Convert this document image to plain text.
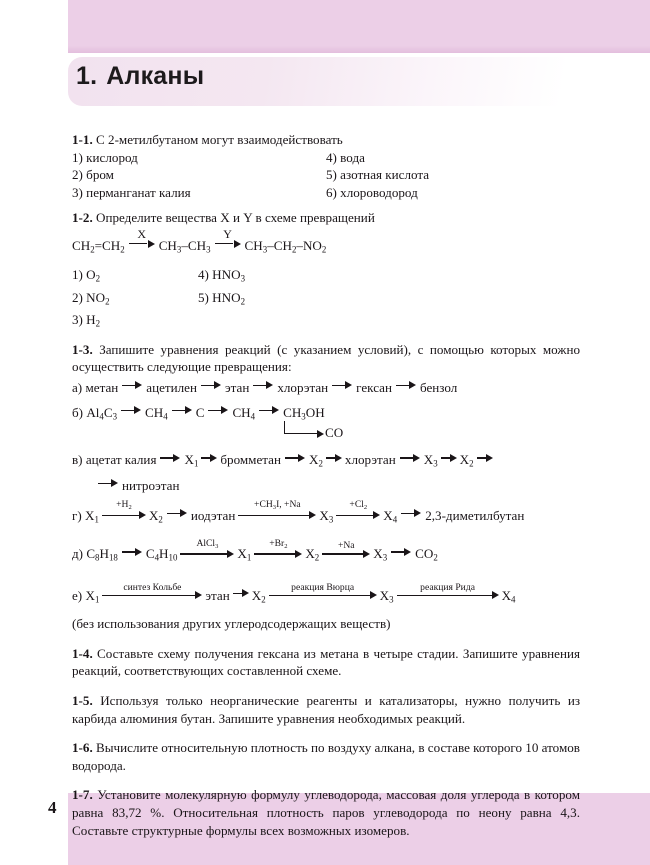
1. Алканы
4

1-1. С 2-метилбутаном могут взаимодействовать

1) кислород
2) бром
3) перманганат калия
4) вода
5) азотная кислота
6) хлороводород

1-2. Определите вещества X и Y в схеме превращений

$CH_2=CH_2$
X
$CH_3-CH_3$
Y
$CH_3-CH_2-NO_2$
1) $O_2$
2) $NO_2$
3) $H_2$
4) $HNO_3$
5) $HNO_2$

1-3. Запишите уравнения реакций (с указанием условий), с помощью которых можно осуществить следующие превращения:

а) метан ацетилен этан хлорэтан гексан бензол
б) $Al_4C_3$ $CH_4$ C $CH_4$ $CH_3OH$
CO
в) ацетат калия $X_1$ бромметан $X_2$ хлорэтан $X_3$ $X_2$
нитроэтан
г) $X_1$
$+H_2$
$X_2$ иодэтан
$+CH_3I$, +Na
$X_3$
$+Cl_2$
$X_4$ 2,3-диметилбутан
д) $C_8H_{18}$ $C_4H_{10}$
AlCl$_3$
$X_1$
$+Br_2$
$X_2$
+Na
$X_3$ $CO_2$
е) $X_1$
синтез Кольбе
этан $X_2$
реакция Вюрца
$X_3$
реакция Рида
$X_4$

(без использования других углеродсодержащих веществ)

1-4. Составьте схему получения гексана из метана в четыре стадии. Запишите уравнения реакций, соответствующих составленной схеме.

1-5. Используя только неорганические реагенты и катализаторы, нужно получить из карбида алюминия бутан. Запишите уравнения необходимых реакций.

1-6. Вычислите относительную плотность по воздуху алкана, в составе которого 10 атомов водорода.

1-7. Установите молекулярную формулу углеводорода, массовая доля углерода в котором равна 83,72 %. Относительная плотность паров углеводорода по неону равна 4,3. Составьте структурные формулы всех возможных изомеров.
